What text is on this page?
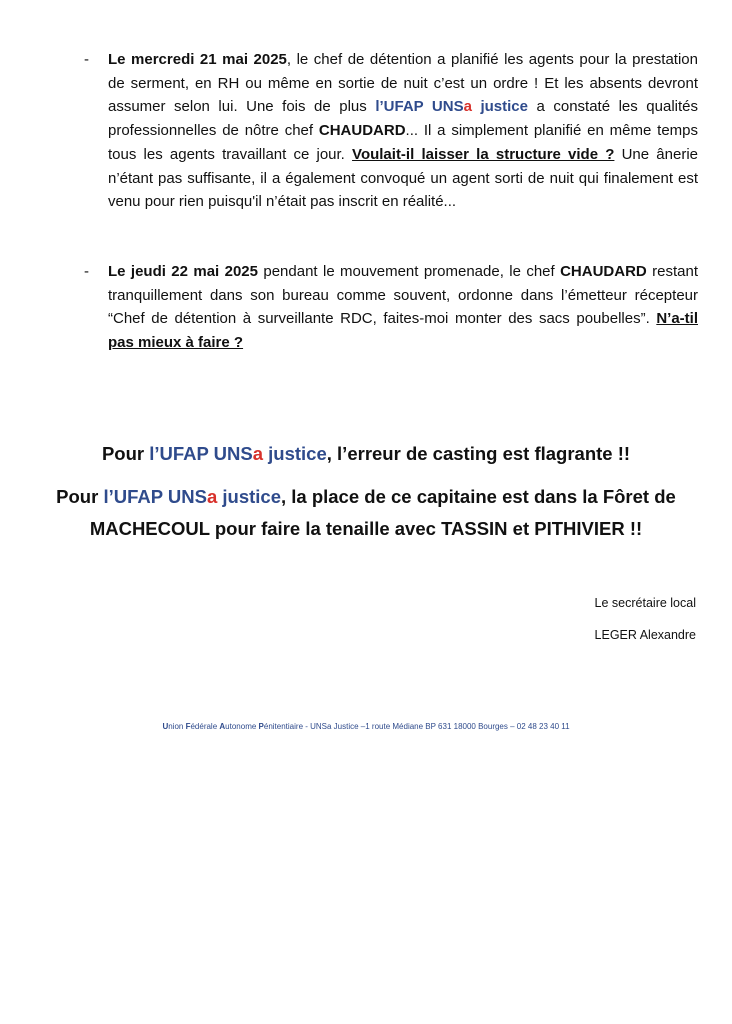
- Le mercredi 21 mai 2025, le chef de détention a planifié les agents pour la prestation de serment, en RH ou même en sortie de nuit c’est un ordre ! Et les absents devront assumer selon lui. Une fois de plus l’UFAP UNSa justice a constaté les qualités professionnelles de nôtre chef CHAUDARD... Il a simplement planifié en même temps tous les agents travaillant ce jour. Voulait-il laisser la structure vide ? Une ânerie n’étant pas suffisante, il a également convoqué un agent sorti de nuit qui finalement est venu pour rien puisqu'il n’était pas inscrit en réalité...
- Le jeudi 22 mai 2025 pendant le mouvement promenade, le chef CHAUDARD restant tranquillement dans son bureau comme souvent, ordonne dans l’émetteur récepteur “Chef de détention à surveillante RDC, faites-moi monter des sacs poubelles”. N’a-til pas mieux à faire ?
Pour l’UFAP UNSa justice, l’erreur de casting est flagrante !!
Pour l’UFAP UNSa justice, la place de ce capitaine est dans la Fôret de
MACHECOUL pour faire la tenaille avec TASSIN et PITHIVIER !!
Le secrétaire local
LEGER Alexandre
Union Fédérale Autonome Pénitentiaire - UNSa Justice –1 route Médiane BP 631 18000 Bourges – 02 48 23 40 11
